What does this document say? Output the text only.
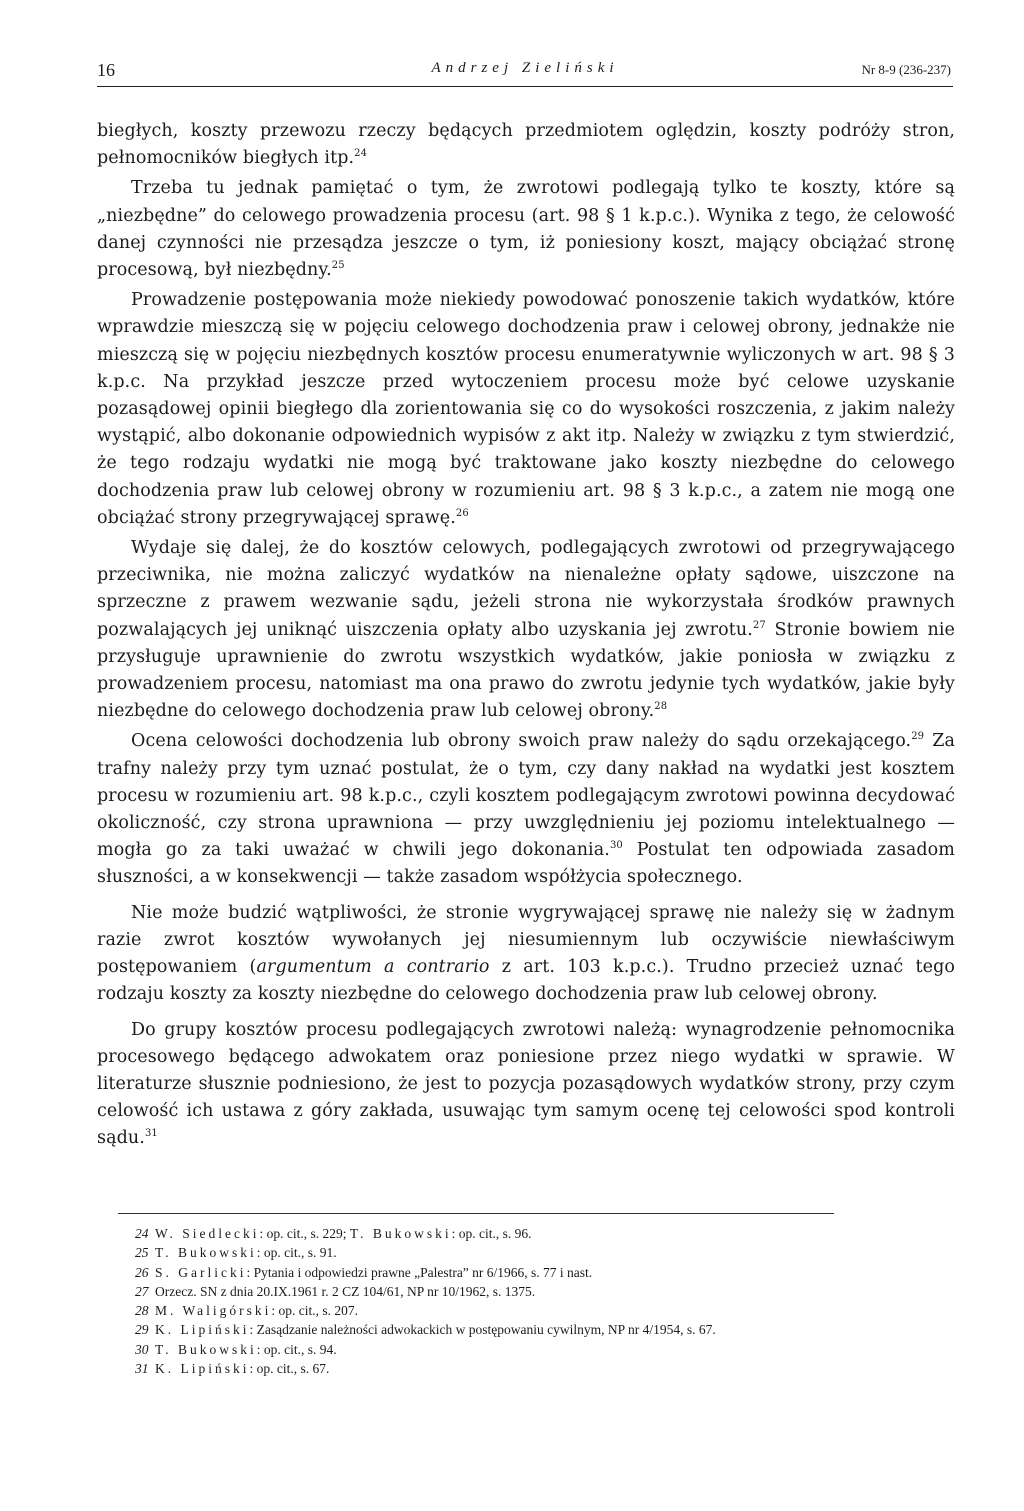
16	Andrzej Zieliński	Nr 8-9 (236-237)

biegłych, koszty przewozu rzeczy będących przedmiotem oględzin, koszty podróży stron, pełnomocników biegłych itp.$^{24}$

Trzeba tu jednak pamiętać o tym, że zwrotowi podlegają tylko te koszty, które są „niezbędne” do celowego prowadzenia procesu (art. 98 § 1 k.p.c.). Wynika z tego, że celowość danej czynności nie przesądza jeszcze o tym, iż poniesiony koszt, mający obciążać stronę procesową, był niezbędny.$^{25}$

Prowadzenie postępowania może niekiedy powodować ponoszenie takich wydatków, które wprawdzie mieszczą się w pojęciu celowego dochodzenia praw i celowej obrony, jednakże nie mieszczą się w pojęciu niezbędnych kosztów procesu enumeratywnie wyliczonych w art. 98 § 3 k.p.c. Na przykład jeszcze przed wytoczeniem procesu może być celowe uzyskanie pozasądowej opinii biegłego dla zorientowania się co do wysokości roszczenia, z jakim należy wystąpić, albo dokonanie odpowiednich wypisów z akt itp. Należy w związku z tym stwierdzić, że tego rodzaju wydatki nie mogą być traktowane jako koszty niezbędne do celowego dochodzenia praw lub celowej obrony w rozumieniu art. 98 § 3 k.p.c., a zatem nie mogą one obciążać strony przegrywającej sprawę.$^{26}$

Wydaje się dalej, że do kosztów celowych, podlegających zwrotowi od przegrywającego przeciwnika, nie można zaliczyć wydatków na nienależne opłaty sądowe, uiszczone na sprzeczne z prawem wezwanie sądu, jeżeli strona nie wykorzystała środków prawnych pozwalających jej uniknąć uiszczenia opłaty albo uzyskania jej zwrotu.$^{27}$ Stronie bowiem nie przysługuje uprawnienie do zwrotu wszystkich wydatków, jakie poniosła w związku z prowadzeniem procesu, natomiast ma ona prawo do zwrotu jedynie tych wydatków, jakie były niezbędne do celowego dochodzenia praw lub celowej obrony.$^{28}$

Ocena celowości dochodzenia lub obrony swoich praw należy do sądu orzekającego.$^{29}$ Za trafny należy przy tym uznać postulat, że o tym, czy dany nakład na wydatki jest kosztem procesu w rozumieniu art. 98 k.p.c., czyli kosztem podlegającym zwrotowi powinna decydować okoliczność, czy strona uprawniona — przy uwzględnieniu jej poziomu intelektualnego — mogła go za taki uważać w chwili jego dokonania.$^{30}$ Postulat ten odpowiada zasadom słuszności, a w konsekwencji — także zasadom współżycia społecznego.

Nie może budzić wątpliwości, że stronie wygrywającej sprawę nie należy się w żadnym razie zwrot kosztów wywołanych jej niesumiennym lub oczywiście niewłaściwym postępowaniem (argumentum a contrario z art. 103 k.p.c.). Trudno przecież uznać tego rodzaju koszty za koszty niezbędne do celowego dochodzenia praw lub celowej obrony.

Do grupy kosztów procesu podlegających zwrotowi należą: wynagrodzenie pełnomocnika procesowego będącego adwokatem oraz poniesione przez niego wydatki w sprawie. W literaturze słusznie podniesiono, że jest to pozycja pozasądowych wydatków strony, przy czym celowość ich ustawa z góry zakłada, usuwając tym samym ocenę tej celowości spod kontroli sądu.$^{31}$

24 W. Siedlecki: op. cit., s. 229; T. Bukowski: op. cit., s. 96.

25 T. Bukowski: op. cit., s. 91.

26 S. Garlicki: Pytania i odpowiedzi prawne „Palestra” nr 6/1966, s. 77 i nast.

27 Orzecz. SN z dnia 20.IX.1961 r. 2 CZ 104/61, NP nr 10/1962, s. 1375.

28 M. Waligórski: op. cit., s. 207.

29 K. Lipiński: Zasądzanie należności adwokackich w postępowaniu cywilnym, NP nr 4/1954, s. 67.

30 T. Bukowski: op. cit., s. 94.

31 K. Lipiński: op. cit., s. 67.
